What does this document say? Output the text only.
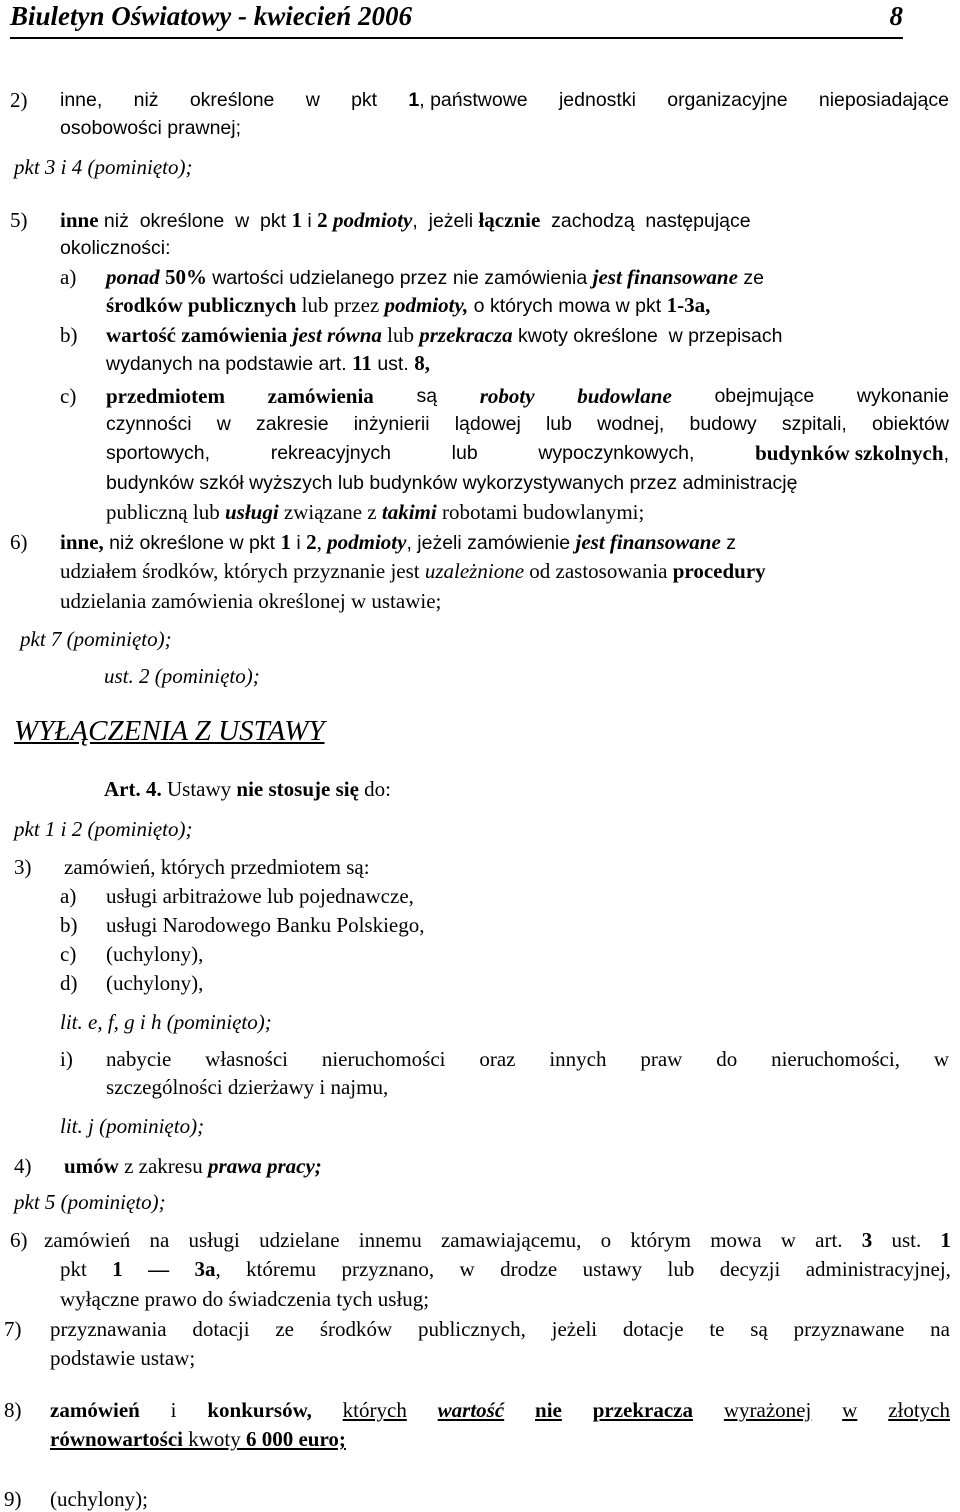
Biuletyn Oświatowy - kwiecień 2006	8
2) inne, niż określone w pkt 1, państwowe jednostki organizacyjne nieposiadające
osobowości prawnej;
pkt 3 i 4 (pominięto);
5) inne niż  określone  w  pkt 1 i 2 podmioty,  jeżeli łącznie  zachodzą  następujące
okoliczności:
a) ponad 50% wartości udzielanego przez nie zamówienia jest finansowane ze
środków publicznych lub przez podmioty, o których mowa w pkt 1-3a,
b) wartość zamówienia jest równa lub przekracza kwoty określone  w przepisach
wydanych na podstawie art. 11 ust. 8,
c) przedmiotem zamówienia są roboty budowlane obejmujące wykonanie
czynności w zakresie inżynierii lądowej lub wodnej, budowy szpitali, obiektów
sportowych,	rekreacyjnych	lub	wypoczynkowych,	budynków szkolnych,
budynków szkół wyższych lub budynków wykorzystywanych przez administrację
publiczną lub usługi związane z takimi robotami budowlanymi;
6) inne, niż określone w pkt 1 i 2, podmioty, jeżeli zamówienie jest finansowane z
udziałem środków, których przyznanie jest uzależnione od zastosowania procedury
udzielania zamówienia określonej w ustawie;
pkt 7 (pominięto);
ust. 2 (pominięto);
WYŁĄCZENIA Z USTAWY
Art. 4. Ustawy nie stosuje się do:
pkt 1 i 2 (pominięto);
3) zamówień, których przedmiotem są:
a) usługi arbitrażowe lub pojednawcze,
b) usługi Narodowego Banku Polskiego,
c) (uchylony),
d) (uchylony),
lit. e, f, g i h (pominięto);
i) nabycie własności nieruchomości oraz innych praw do nieruchomości, w
szczególności dzierżawy i najmu,
lit. j (pominięto);
4) umów z zakresu prawa pracy;
pkt 5 (pominięto);
6) zamówień na usługi udzielane innemu zamawiającemu, o którym mowa w art. 3 ust. 1
pkt 1 — 3a, któremu przyznano, w drodze ustawy lub decyzji administracyjnej,
wyłączne prawo do świadczenia tych usług;
7) przyznawania dotacji ze środków publicznych, jeżeli dotacje te są przyznawane na
podstawie ustaw;
8) zamówień i konkursów, których wartość nie przekracza wyrażonej w złotych
równowartości kwoty 6 000 euro;
9) (uchylony);
